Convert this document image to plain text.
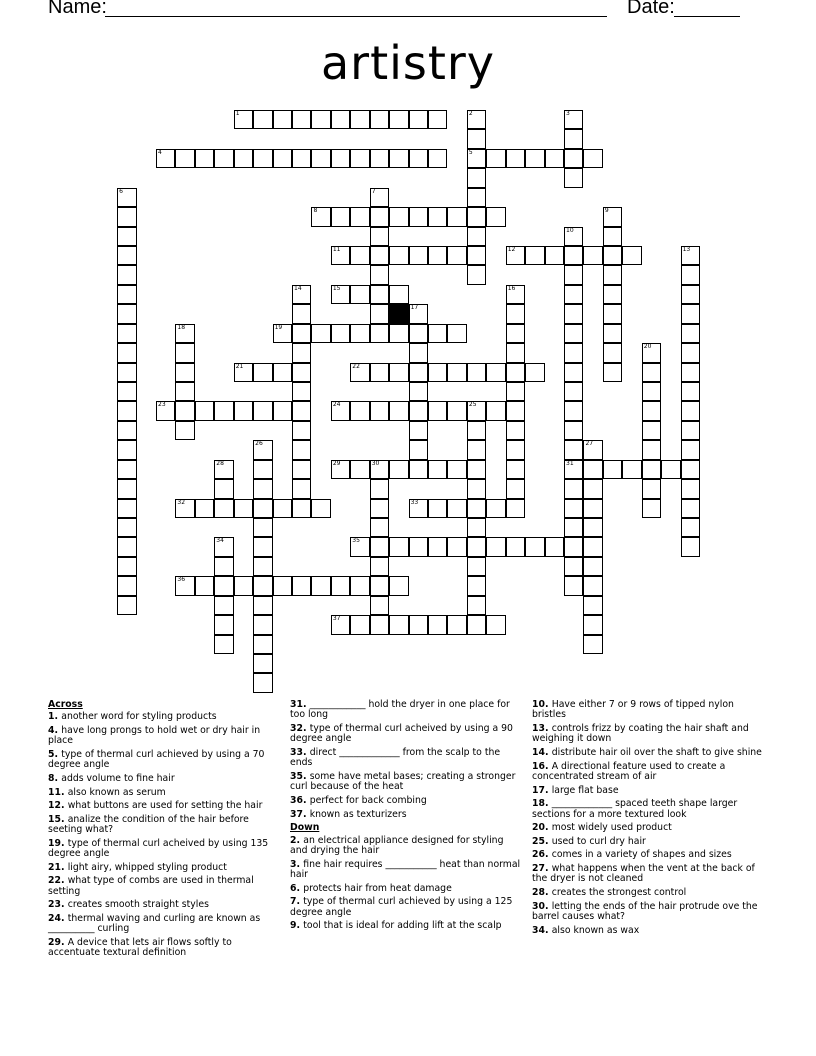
Name:	Date:
artistry
1	2
5
3
4
6	7
8	9
10
31
11	12	13
14	15	16
17
18	19
20
21	22
23	24	25
26	27
28	29	30
32	33
34	35
36
37
Across
1. another word for styling products
4. have long prongs to hold wet or dry hair in place
5. type of thermal curl achieved by using a 70 degree angle
8. adds volume to fine hair
11. also known as serum
12. what buttons are used for setting the hair
15. analize the condition of the hair before seeting what?
19. type of thermal curl acheived by using 135 degree angle
21. light airy, whipped styling product
22. what type of combs are used in thermal setting
23. creates smooth straight styles
24. thermal waving and curling are known as __________ curling
29. A device that lets air flows softly to accentuate textural definition
31. ____________ hold the dryer in one place for too long
32. type of thermal curl acheived by using a 90 degree angle
33. direct _____________ from the scalp to the ends
35. some have metal bases; creating a stronger curl because of the heat
36. perfect for back combing
37. known as texturizers
Down
2. an electrical appliance designed for styling and drying the hair
3. fine hair requires ___________ heat than normal hair
6. protects hair from heat damage
7. type of thermal curl achieved by using a 125 degree angle
9. tool that is ideal for adding lift at the scalp
10. Have either 7 or 9 rows of tipped nylon bristles
13. controls frizz by coating the hair shaft and weighing it down
14. distribute hair oil over the shaft to give shine
16. A directional feature used to create a concentrated stream of air
17. large flat base
18. _____________ spaced teeth shape larger sections for a more textured look
20. most widely used product
25. used to curl dry hair
26. comes in a variety of shapes and sizes
27. what happens when the vent at the back of the dryer is not cleaned
28. creates the strongest control
30. letting the ends of the hair protrude ove the barrel causes what?
34. also known as wax
